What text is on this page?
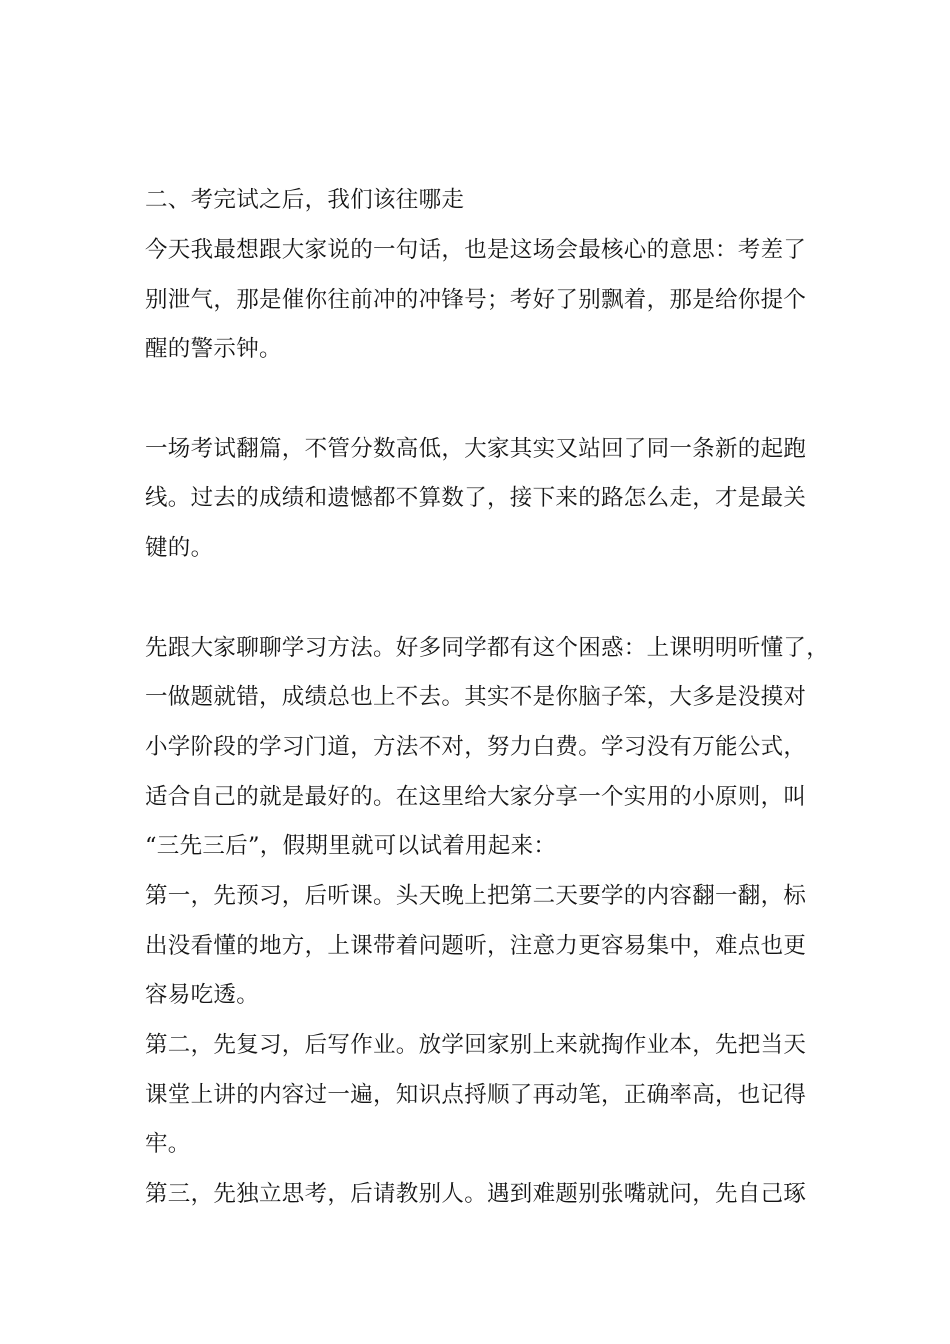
二、考完试之后，我们该往哪走
今天我最想跟大家说的一句话，也是这场会最核心的意思：考差了
别泄气，那是催你往前冲的冲锋号；考好了别飘着，那是给你提个
醒的警示钟。
一场考试翻篇，不管分数高低，大家其实又站回了同一条新的起跑
线。过去的成绩和遗憾都不算数了，接下来的路怎么走，才是最关
键的。
先跟大家聊聊学习方法。好多同学都有这个困惑：上课明明听懂了，
一做题就错，成绩总也上不去。其实不是你脑子笨，大多是没摸对
小学阶段的学习门道，方法不对，努力白费。学习没有万能公式，
适合自己的就是最好的。在这里给大家分享一个实用的小原则，叫
“三先三后”，假期里就可以试着用起来：
第一，先预习，后听课。头天晚上把第二天要学的内容翻一翻，标
出没看懂的地方，上课带着问题听，注意力更容易集中，难点也更
容易吃透。
第二，先复习，后写作业。放学回家别上来就掏作业本，先把当天
课堂上讲的内容过一遍，知识点捋顺了再动笔，正确率高，也记得
牢。
第三，先独立思考，后请教别人。遇到难题别张嘴就问，先自己琢
